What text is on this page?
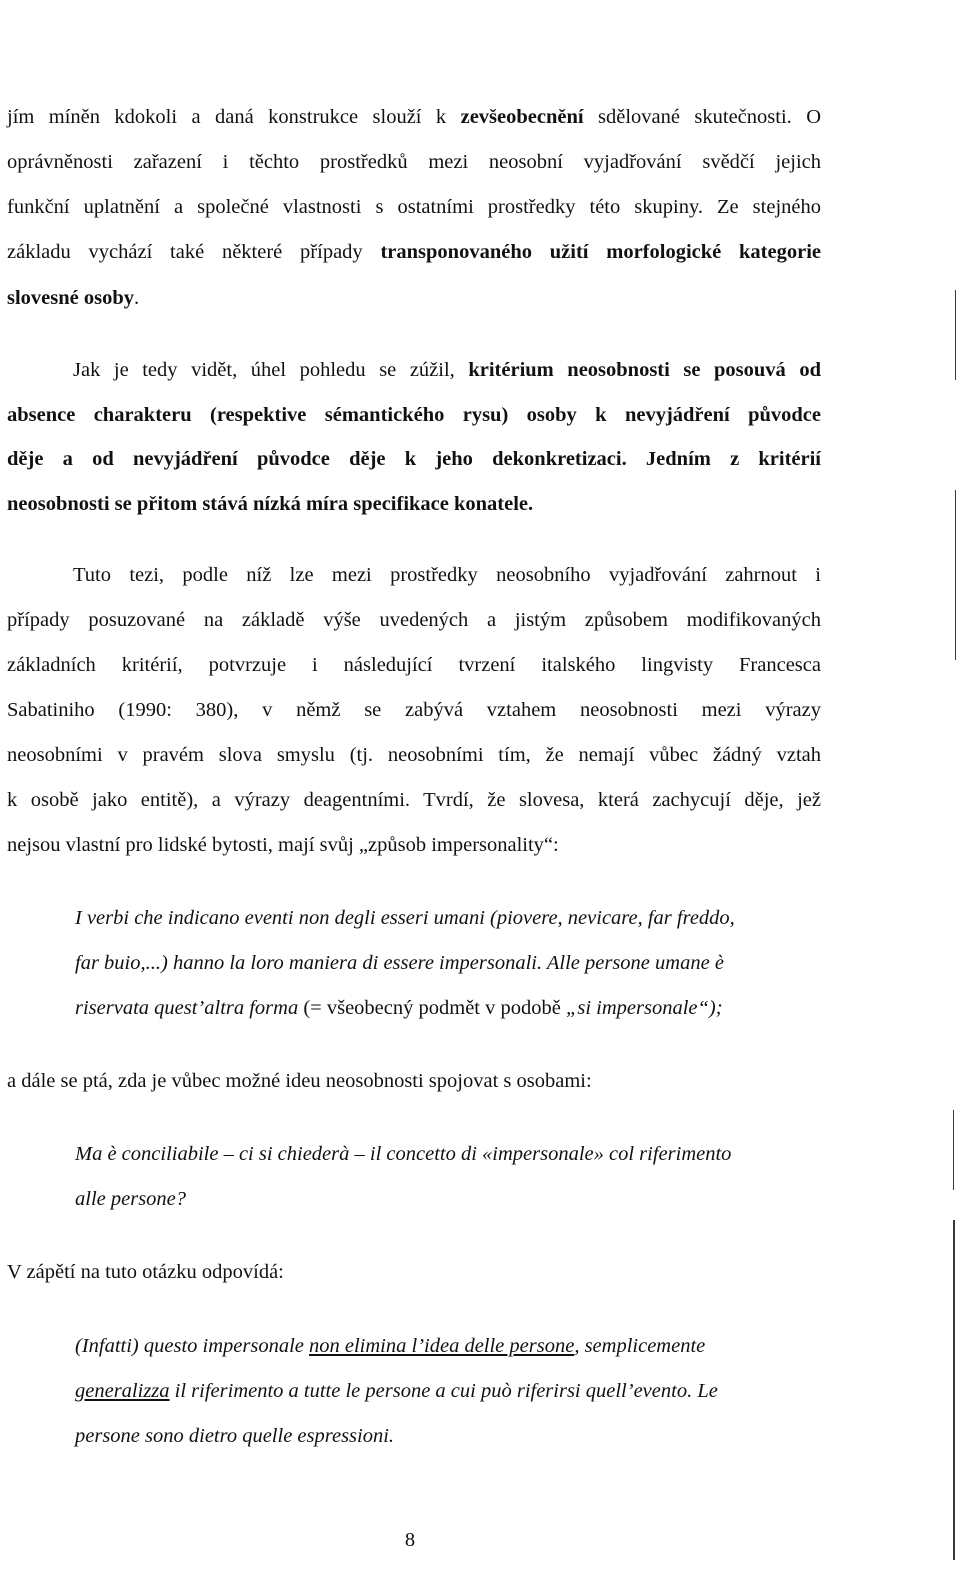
jím míněn kdokoli a daná konstrukce slouží k zevšeobecnění sdělované skutečnosti. O
oprávněnosti zařazení i těchto prostředků mezi neosobní vyjadřování svědčí jejich
funkční uplatnění a společné vlastnosti s ostatními prostředky této skupiny. Ze stejného
základu vychází také některé případy transponovaného užití morfologické kategorie
slovesné osoby.
Jak je tedy vidět, úhel pohledu se zúžil, kritérium neosobnosti se posouvá od
absence charakteru (respektive sémantického rysu) osoby k nevyjádření původce
děje a od nevyjádření původce děje k jeho dekonkretizaci. Jedním z kritérií
neosobnosti se přitom stává nízká míra specifikace konatele.
Tuto tezi, podle níž lze mezi prostředky neosobního vyjadřování zahrnout i
případy posuzované na základě výše uvedených a jistým způsobem modifikovaných
základních kritérií, potvrzuje i následující tvrzení italského lingvisty Francesca
Sabatiniho (1990: 380), v němž se zabývá vztahem neosobnosti mezi výrazy
neosobními v pravém slova smyslu (tj. neosobními tím, že nemají vůbec žádný vztah
k osobě jako entitě), a výrazy deagentními. Tvrdí, že slovesa, která zachycují děje, jež
nejsou vlastní pro lidské bytosti, mají svůj „způsob impersonality“:
I verbi che indicano eventi non degli esseri umani (piovere, nevicare, far freddo,
far buio,...) hanno la loro maniera di essere impersonali. Alle persone umane è
riservata quest’altra forma (= všeobecný podmět v podobě „si impersonale“);
a dále se ptá, zda je vůbec možné ideu neosobnosti spojovat s osobami:
Ma è conciliabile – ci si chiederà – il concetto di «impersonale» col riferimento
alle persone?
V zápětí na tuto otázku odpovídá:
(Infatti) questo impersonale non elimina l’idea delle persone, semplicemente
generalizza il riferimento a tutte le persone a cui può riferirsi quell’evento. Le
persone sono dietro quelle espressioni.
8
